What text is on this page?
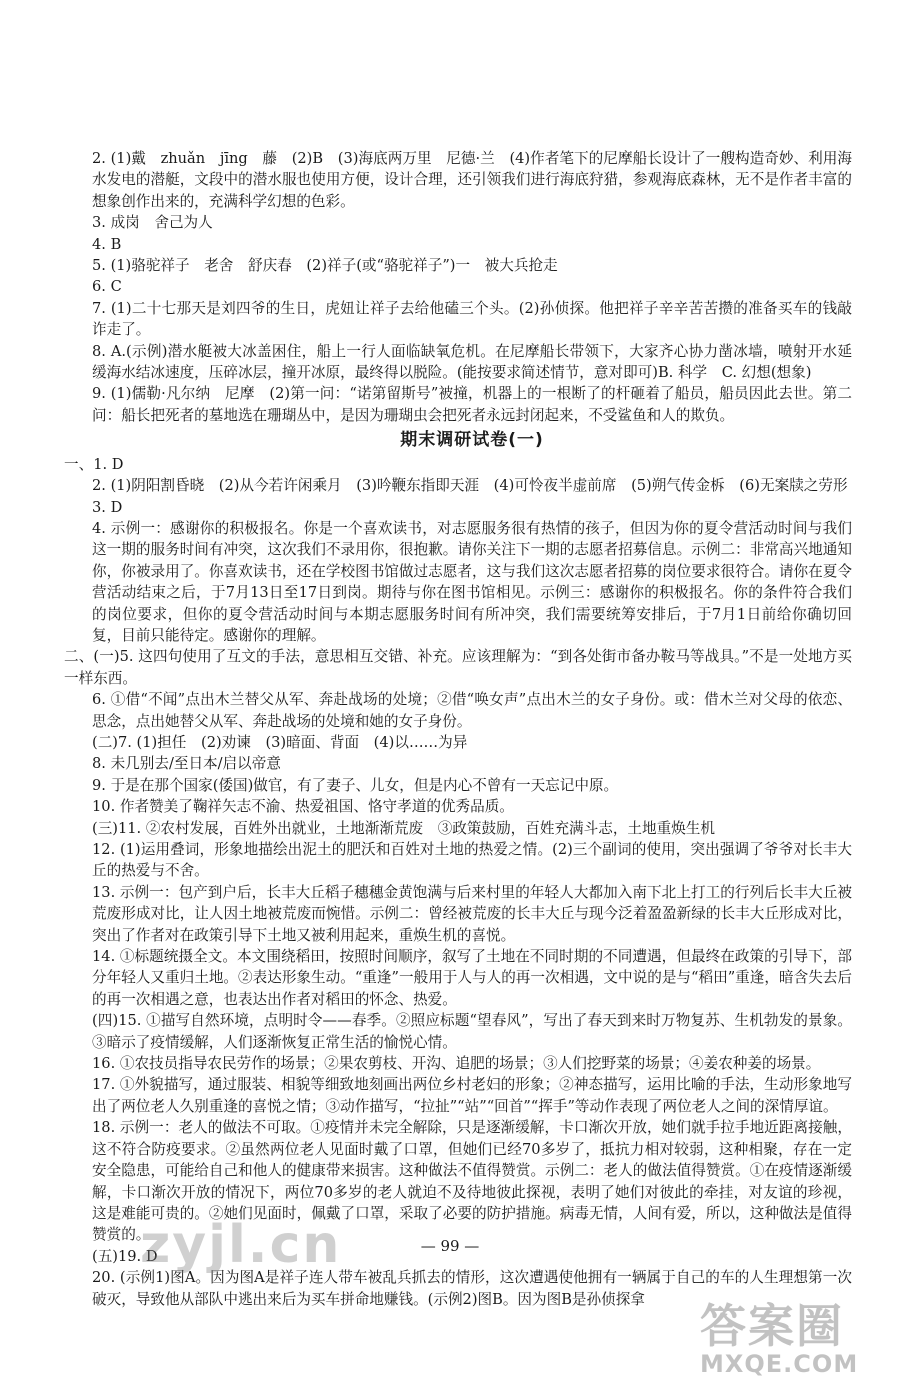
2. (1)戴　zhuǎn　jīng　藤　(2)B　(3)海底两万里　尼德·兰　(4)作者笔下的尼摩船长设计了一艘构造奇妙、利用海水发电的潜艇，文段中的潜水服也使用方便，设计合理，还引领我们进行海底狩猎，参观海底森林，无不是作者丰富的想象创作出来的，充满科学幻想的色彩。

3. 成岗　舍己为人

4. B

5. (1)骆驼祥子　老舍　舒庆春　(2)祥子(或“骆驼祥子”)一　被大兵抢走

6. C

7. (1)二十七那天是刘四爷的生日，虎妞让祥子去给他磕三个头。(2)孙侦探。他把祥子辛辛苦苦攒的准备买车的钱敲诈走了。

8. A.(示例)潜水艇被大冰盖困住，船上一行人面临缺氧危机。在尼摩船长带领下，大家齐心协力凿冰墙，喷射开水延缓海水结冰速度，压碎冰层，撞开冰原，最终得以脱险。(能按要求简述情节，意对即可)B. 科学　C. 幻想(想象)

9. (1)儒勒·凡尔纳　尼摩　(2)第一问：“诺第留斯号”被撞，机器上的一根断了的杆砸着了船员，船员因此去世。第二问：船长把死者的墓地选在珊瑚丛中，是因为珊瑚虫会把死者永远封闭起来，不受鲨鱼和人的欺负。

期末调研试卷(一)

一、1. D

2. (1)阴阳割昏晓　(2)从今若许闲乘月　(3)吟鞭东指即天涯　(4)可怜夜半虚前席　(5)朔气传金柝　(6)无案牍之劳形

3. D

4. 示例一：感谢你的积极报名。你是一个喜欢读书，对志愿服务很有热情的孩子，但因为你的夏令营活动时间与我们这一期的服务时间有冲突，这次我们不录用你，很抱歉。请你关注下一期的志愿者招募信息。示例二：非常高兴地通知你，你被录用了。你喜欢读书，还在学校图书馆做过志愿者，这与我们这次志愿者招募的岗位要求很符合。请你在夏令营活动结束之后，于7月13日至17日到岗。期待与你在图书馆相见。示例三：感谢你的积极报名。你的条件符合我们的岗位要求，但你的夏令营活动时间与本期志愿服务时间有所冲突，我们需要统筹安排后，于7月1日前给你确切回复，目前只能待定。感谢你的理解。

二、(一)5. 这四句使用了互文的手法，意思相互交错、补充。应该理解为：“到各处街市备办鞍马等战具。”不是一处地方买一样东西。

6. ①借“不闻”点出木兰替父从军、奔赴战场的处境；②借“唤女声”点出木兰的女子身份。或：借木兰对父母的依恋、思念，点出她替父从军、奔赴战场的处境和她的女子身份。

(二)7. (1)担任　(2)劝谏　(3)暗面、背面　(4)以……为异

8. 未几别去/至日本/启以帝意

9. 于是在那个国家(倭国)做官，有了妻子、儿女，但是内心不曾有一天忘记中原。

10. 作者赞美了鞠祥矢志不渝、热爱祖国、恪守孝道的优秀品质。

(三)11. ②农村发展，百姓外出就业，土地渐渐荒废　③政策鼓励，百姓充满斗志，土地重焕生机

12. (1)运用叠词，形象地描绘出泥土的肥沃和百姓对土地的热爱之情。(2)三个副词的使用，突出强调了爷爷对长丰大丘的热爱与不舍。

13. 示例一：包产到户后，长丰大丘稻子穗穗金黄饱满与后来村里的年轻人大都加入南下北上打工的行列后长丰大丘被荒废形成对比，让人因土地被荒废而惋惜。示例二：曾经被荒废的长丰大丘与现今泛着盈盈新绿的长丰大丘形成对比，突出了作者对在政策引导下土地又被利用起来，重焕生机的喜悦。

14. ①标题统摄全文。本文围绕稻田，按照时间顺序，叙写了土地在不同时期的不同遭遇，但最终在政策的引导下，部分年轻人又重归土地。②表达形象生动。“重逢”一般用于人与人的再一次相遇，文中说的是与“稻田”重逢，暗含失去后的再一次相遇之意，也表达出作者对稻田的怀念、热爱。

(四)15. ①描写自然环境，点明时令——春季。②照应标题“望春风”，写出了春天到来时万物复苏、生机勃发的景象。③暗示了疫情缓解，人们逐渐恢复正常生活的愉悦心情。

16. ①农技员指导农民劳作的场景；②果农剪枝、开沟、追肥的场景；③人们挖野菜的场景；④姜农种姜的场景。

17. ①外貌描写，通过服装、相貌等细致地刻画出两位乡村老妇的形象；②神态描写，运用比喻的手法，生动形象地写出了两位老人久别重逢的喜悦之情；③动作描写，“拉扯”“站”“回首”“挥手”等动作表现了两位老人之间的深情厚谊。

18. 示例一：老人的做法不可取。①疫情并未完全解除，只是逐渐缓解，卡口渐次开放，她们就手拉手地近距离接触，这不符合防疫要求。②虽然两位老人见面时戴了口罩，但她们已经70多岁了，抵抗力相对较弱，这种相聚，存在一定安全隐患，可能给自己和他人的健康带来损害。这种做法不值得赞赏。示例二：老人的做法值得赞赏。①在疫情逐渐缓解，卡口渐次开放的情况下，两位70多岁的老人就迫不及待地彼此探视，表明了她们对彼此的牵挂，对友谊的珍视，这是难能可贵的。②她们见面时，佩戴了口罩，采取了必要的防护措施。病毒无情，人间有爱，所以，这种做法是值得赞赏的。

(五)19. D

20. (示例1)图A。因为图A是祥子连人带车被乱兵抓去的情形，这次遭遇使他拥有一辆属于自己的车的人生理想第一次破灭，导致他从部队中逃出来后为买车拼命地赚钱。(示例2)图B。因为图B是孙侦探拿

— 99 —
zyjl.cn
答案圈
MXQE.COM
